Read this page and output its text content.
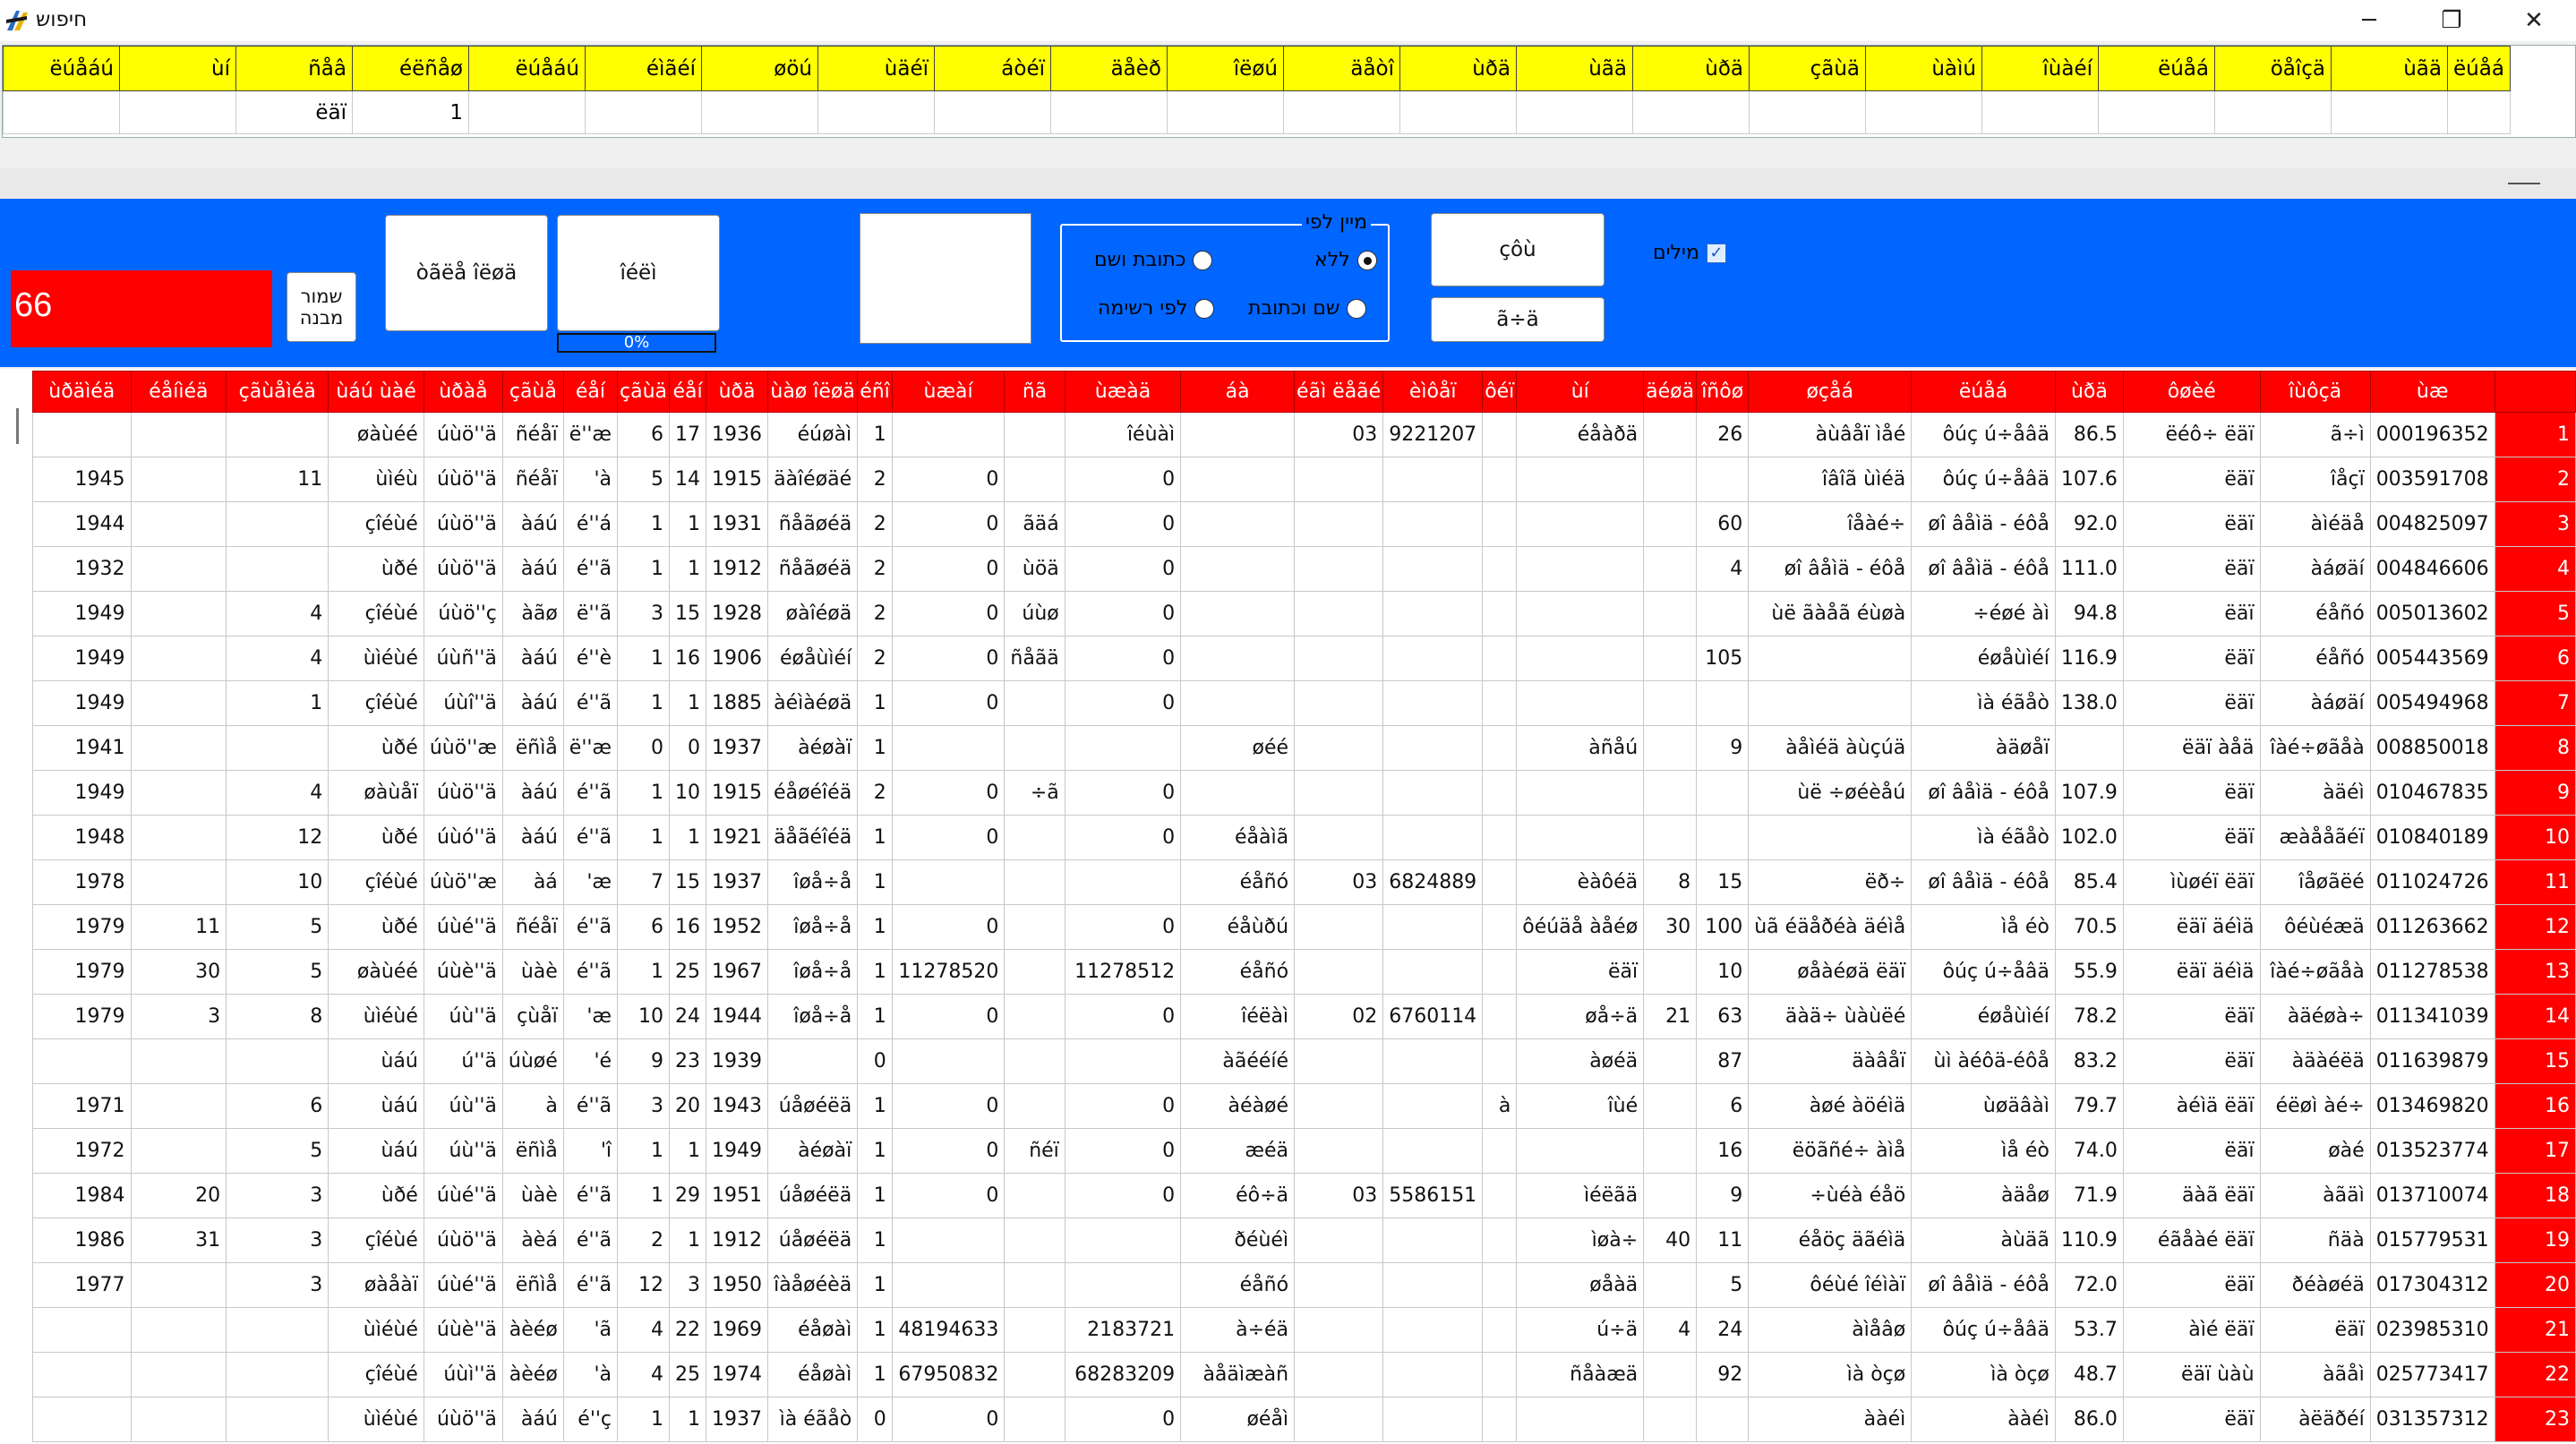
חיפוש	─	❐	✕
ëúåáú	ùí	ñåâ	éëñåø	ëúåáú	éìãéí	øöú	ùäéï	áòéï	äåèð	îëøú	äåòî	ùðä	ùãä	ùðä	çãùä	ùàìú	îùàéí	ëúåá	öåîçä	ùãä	ëúåá
		ëäï	1																		
66	שמור מבנה
òãëå îëøä	îéëì
0%
מיין לפי
ללא
כתובת ושם
שם וכתובת
לפי רשימה
çôù
ã÷ä
מילים ✓
ùðäìéä	éåíìéä	çãùåìéä	ùáú ùàé	ùðàå	çãùå	éåí	çãùä	éåí	ùðä	ùàø îëøä	éñî	ùæàí	ñã	ùæàä	áà	éãì ëåãé	èìôåï	ôéï	ùí	äéøä	îñôø	øçåá	ëúåá	ùðä	ôøèé	îùôçä	ùæ	
			øàùéé	úùö''ä	ñéåï	ë''æ	6	17	1936	éúøàì	1			îéùàì		03	9221207		éåàðä		26	àùâåï ìåé	ôúç ú÷åâä	86.5	ëéô÷ ëäï	ã÷ì	000196352	1
1945		11	ùìéù	úùö''ä	ñéåï	'à	5	14	1915	äàîéøäé	2	0		0								îâîã ùìéä	ôúç ú÷åâä	107.6	ëäï	îåçï	003591708	2
1944			çîéùé	úùö''ä	àáú	é''á	1	1	1931	ñåãøéä	2	0	ãäá	0							60	îåàé÷	øî âåìä - éôå	92.0	ëäï	àìéäå	004825097	3
1932			ùðé	úùö''ä	àáú	é''ã	1	1	1912	ñåãøéä	2	0	ùöä	0							4	øî âåìä - éôå	øî âåìä - éôå	111.0	ëäï	àáøäí	004846606	4
1949		4	çîéùé	úùö''ç	àãø	ë''ã	3	15	1928	øàîéøä	2	0	úùø	0								ùë ãàåã éùøà	÷éøé àì	94.8	ëäï	éåñó	005013602	5
1949		4	ùìéùé	úùñ''ä	àáú	é''è	1	16	1906	éøåùìéí	2	0	ñåãä	0							105		éøåùìéí	116.9	ëäï	éåñó	005443569	6
1949		1	çîéùé	úùî''ä	àáú	é''ã	1	1	1885	àéìàéøä	1	0		0									ìà éãåò	138.0	ëäï	àáøäí	005494968	7
1941			ùðé	úùö''æ	ëñìå	ë''æ	0	0	1937	àéøàï	1				øéé				àñåú		9	àåìéä àùçúä	àäøåï		ëäï àåä	îàé÷øãåà	008850018	8
1949		4	øàùåï	úùö''ä	àáú	é''ã	1	10	1915	éåøéîéä	2	0	÷ã	0								ùë ÷øéèåú	øî âåìä - éôå	107.9	ëäï	àäéì	010467835	9
1948		12	ùðé	úùó''ä	àáú	é''ã	1	1	1921	äåãéîéä	1	0		0	éåàìã								ìà éãåò	102.0	ëäï	æàååãéï	010840189	10
1978		10	çîéùé	úùö''æ	àá	'æ	7	15	1937	îøå÷å	1				éåñó	03	6824889		èàôéä	8	15	ëð÷	øî âåìä - éôå	85.4	ìùøéï ëäï	îåøãëé	011024726	11
1979	11	5	ùðé	úùé''ä	ñéåï	é''ã	6	16	1952	îøå÷å	1	0		0	éåùðú				ôéúäå àåéø	30	100	ùã éäåðéà äéìå	ìå éò	70.5	ëäï äéìä	ôéùéæä	011263662	12
1979	30	5	øàùéé	úùè''ä	ùàè	é''ã	1	25	1967	îøå÷å	1	11278520		11278512	éåñó				ëäï		10	øåàéøä ëäï	ôúç ú÷åâä	55.9	ëäï äéìä	îàé÷øãåà	011278538	13
1979	3	8	ùìéùé	úù''ä	çùåï	'æ	10	24	1944	îøå÷å	1	0		0	îéëàì	02	6760114		øå÷ä	21	63	äàä÷ ùàùëé	éøåùìéí	78.2	ëäï	àäéøà÷	011341039	14
			ùáú	ú''ä	úùøé	'é	9	23	1939		0				àãééíé				àøéä		87	äàâåï	ùì àéôä-éôå	83.2	ëäï	àäàéëä	011639879	15
1971		6	ùáú	úù''ä	à	é''ã	3	20	1943	úåøéëä	1	0		0	àéàøé			à	îùé		6	àøé àöéìä	ùøäâàì	79.7	àéìä ëäï	éëøì àé÷	013469820	16
1972		5	ùáú	úù''ä	ëñìå	'î	1	1	1949	àéøàï	1	0	ñéï	0	æéä						16	ëöãñé÷ àìå	ìå éò	74.0	ëäï	øàé	013523774	17
1984	20	3	ùðé	úùé''ä	ùàè	é''ã	1	29	1951	úåøéëä	1	0		0	éô÷ä	03	5586151		ìéëãä		9	÷ùéà éåö	àäåø	71.9	äàã ëäï	àãäì	013710074	18
1986	31	3	çîéùé	úùö''ä	àèá	é''ã	2	1	1912	úåøéëä	1				ðéùéì				ìøà÷	40	11	éåöç äãéìä	àùäã	110.9	éãåàé ëäï	ñäà	015779531	19
1977		3	øàåàï	úùé''ä	ëñìå	é''ã	12	3	1950	îàåøéèä	1				éåñó				øåàä		5	ôéùé îéìàï	øî âåìä - éôå	72.0	ëäï	ðéàøéä	017304312	20
			ùìéùé	úùè''ä	àèéø	'ã	4	22	1969	éåøàì	1	48194633		2183721	à÷éä				ú÷ä	4	24	àìåâø	ôúç ú÷åâä	53.7	àìé ëäï	ëäï	023985310	21
			çîéùé	úùì''ä	àèéø	'à	4	25	1974	éåøàì	1	67950832		68283209	àåäìæàñ				ñåàæä		92	ìà òçø	ìà òçø	48.7	ëäï ùàù	àãåì	025773417	22
			ùìéùé	úùö''ä	àáú	é''ç	1	1	1937	ìà éãåò	0	0		0	øéåì							ààéì	ààéì	86.0	ëäï	àëäðéí	031357312	23
